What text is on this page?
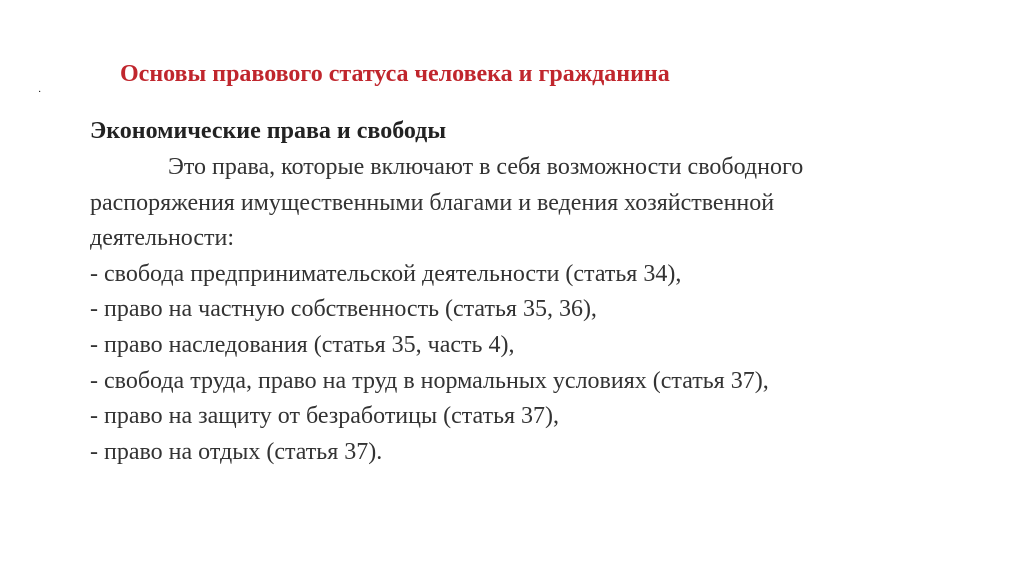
Основы правового статуса человека и гражданина
·
Экономические права и свободы
Это права, которые включают в себя возможности свободного
распоряжения имущественными благами и ведения хозяйственной
деятельности:
- свобода предпринимательской деятельности (статья 34),
- право на частную собственность (статья 35, 36),
- право наследования (статья 35, часть 4),
- свобода труда, право на труд в нормальных условиях (статья 37),
- право на защиту от безработицы (статья 37),
- право на отдых (статья 37).
